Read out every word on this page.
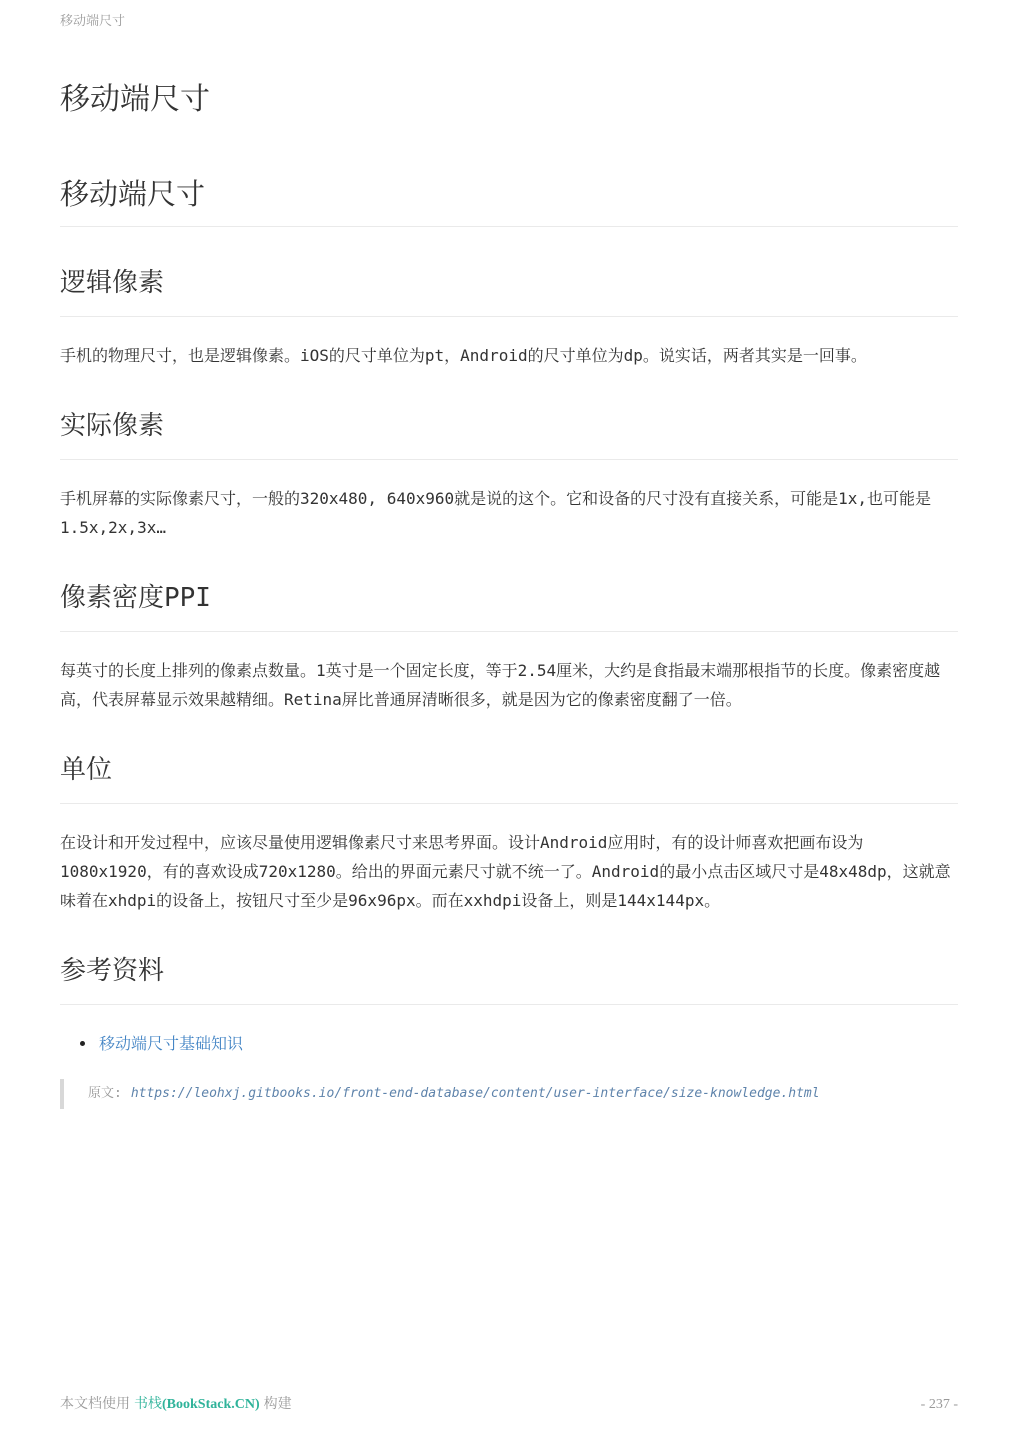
移动端尺寸
移动端尺寸
移动端尺寸
逻辑像素

手机的物理尺寸，也是逻辑像素。iOS的尺寸单位为pt，Android的尺寸单位为dp。说实话，两者其实是一回事。

实际像素

手机屏幕的实际像素尺寸，一般的320x480, 640x960就是说的这个。它和设备的尺寸没有直接关系，可能是1x,也可能是1.5x,2x,3x…

像素密度PPI

每英寸的长度上排列的像素点数量。1英寸是一个固定长度，等于2.54厘米，大约是食指最末端那根指节的长度。像素密度越高，代表屏幕显示效果越精细。Retina屏比普通屏清晰很多，就是因为它的像素密度翻了一倍。

单位

在设计和开发过程中，应该尽量使用逻辑像素尺寸来思考界面。设计Android应用时，有的设计师喜欢把画布设为1080x1920，有的喜欢设成720x1280。给出的界面元素尺寸就不统一了。Android的最小点击区域尺寸是48x48dp，这就意味着在xhdpi的设备上，按钮尺寸至少是96x96px。而在xxhdpi设备上，则是144x144px。

参考资料
• 移动端尺寸基础知识
原文: https://leohxj.gitbooks.io/front-end-database/content/user-interface/size-knowledge.html
本文档使用 书栈(BookStack.CN) 构建	- 237 -
